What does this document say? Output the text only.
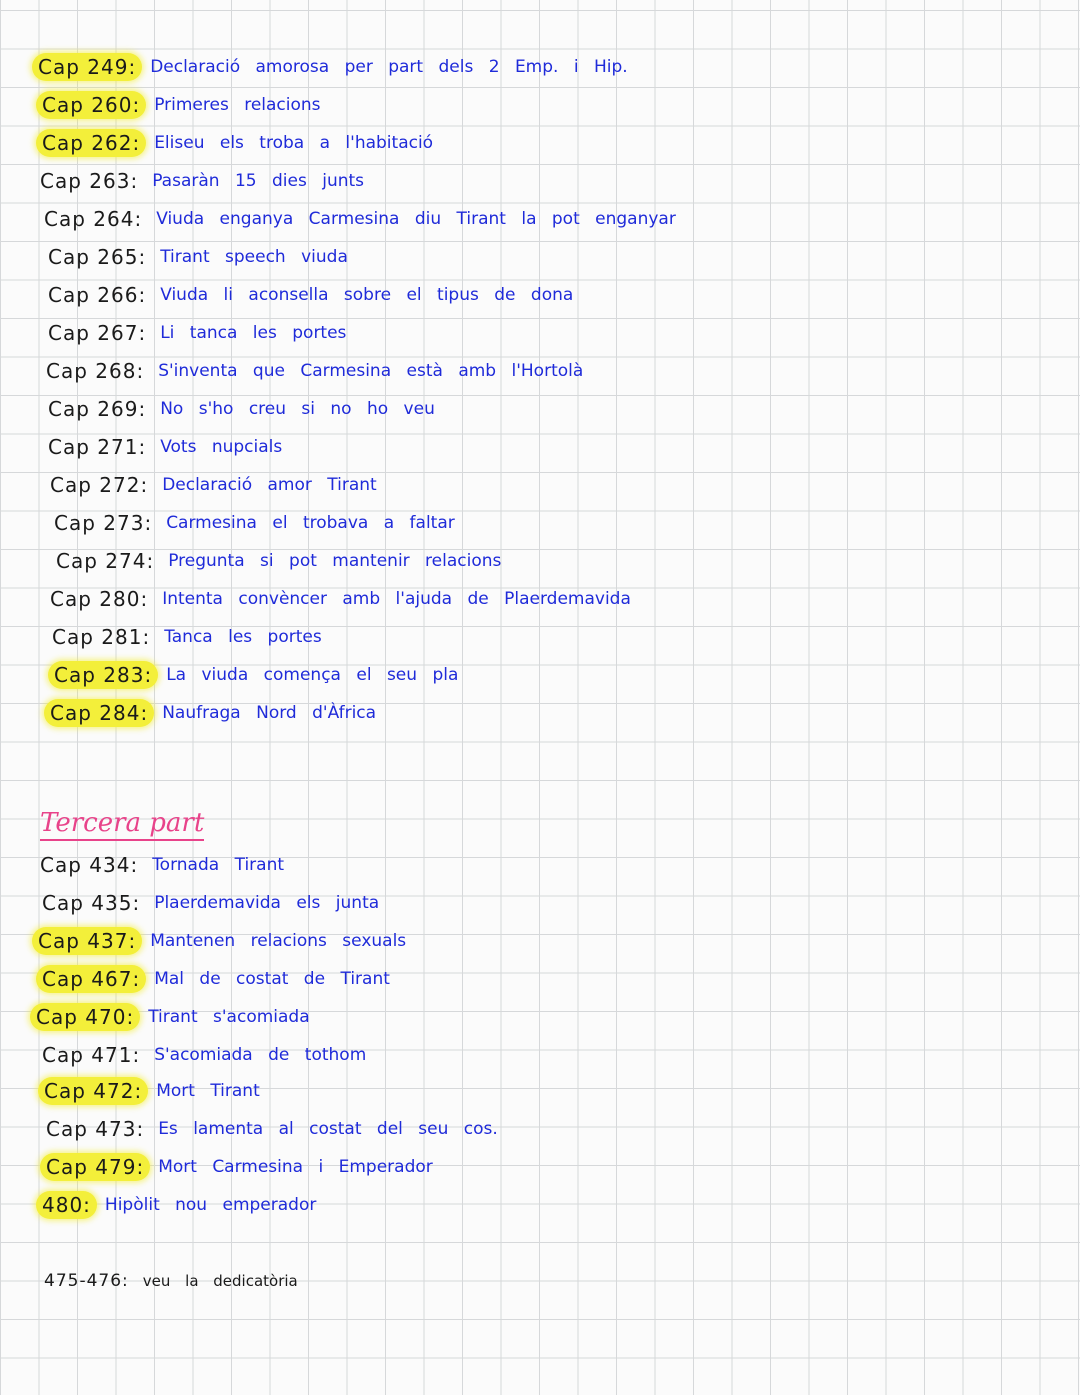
Cap 249: Declaració amorosa per part dels 2 Emp. i Hip.
Cap 260: Primeres relacions
Cap 262: Eliseu els troba a l'habitació
Cap 263: Pasaràn 15 dies junts
Cap 264: Viuda enganya Carmesina diu Tirant la pot enganyar
Cap 265: Tirant speech viuda
Cap 266: Viuda li aconsella sobre el tipus de dona
Cap 267: Li tanca les portes
Cap 268: S'inventa que Carmesina està amb l'Hortolà
Cap 269: No s'ho creu si no ho veu
Cap 271: Vots nupcials
Cap 272: Declaració amor Tirant
Cap 273: Carmesina el trobava a faltar
Cap 274: Pregunta si pot mantenir relacions
Cap 280: Intenta convèncer amb l'ajuda de Plaerdemavida
Cap 281: Tanca les portes
Cap 283: La viuda comença el seu pla
Cap 284: Naufraga Nord d'Àfrica
Tercera part
Cap 434: Tornada Tirant
Cap 435: Plaerdemavida els junta
Cap 437: Mantenen relacions sexuals
Cap 467: Mal de costat de Tirant
Cap 470: Tirant s'acomiada
Cap 471: S'acomiada de tothom
Cap 472: Mort Tirant
Cap 473: Es lamenta al costat del seu cos.
Cap 479: Mort Carmesina i Emperador
480: Hipòlit nou emperador
475-476: veu la dedicatòria
